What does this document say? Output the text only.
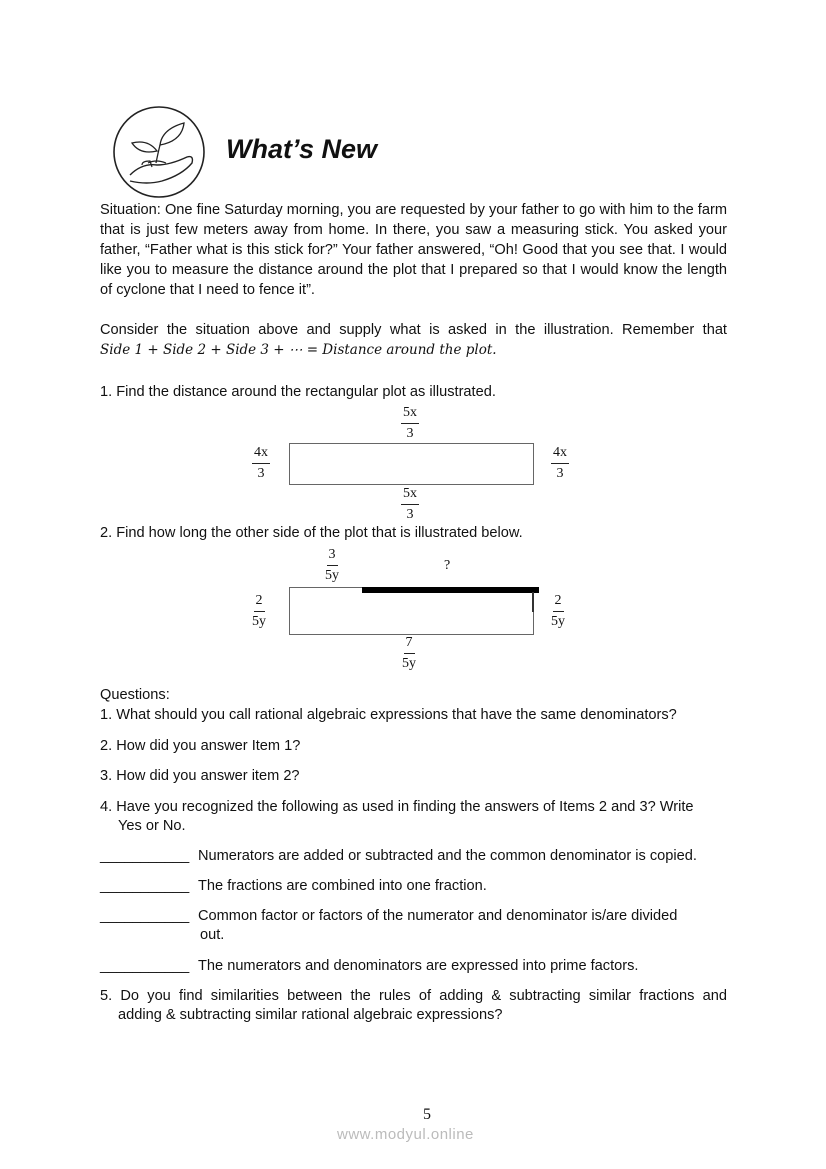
What’s New
Situation: One fine Saturday morning, you are requested by your father to go with him to the farm that is just few meters away from home. In there, you saw a measuring stick. You asked your father, “Father what is this stick for?” Your father answered, “Oh! Good that you see that. I would like you to measure the distance around the plot that I prepared so that I would know the length of cyclone that I need to fence it”.
Consider the situation above and supply what is asked in the illustration. Remember that
Side 1 + Side 2 + Side 3 + ⋯ = Distance around the plot.
1. Find the distance around the rectangular plot as illustrated.
$\frac{5x}{3}$
$\frac{4x}{3}$	$\frac{4x}{3}$
$\frac{5x}{3}$
2. Find how long the other side of the plot that is illustrated below.
$\frac{3}{5y}$	?
$\frac{2}{5y}$	$\frac{2}{5y}$
$\frac{7}{5y}$
Questions:
1. What should you call rational algebraic expressions that have the same denominators?
2. How did you answer Item 1?
3. How did you answer item 2?
4. Have you recognized the following as used in finding the answers of Items 2 and 3? Write
Yes or No.
___________ Numerators are added or subtracted and the common denominator is copied.
___________ The fractions are combined into one fraction.
___________ Common factor or factors of the numerator and denominator is/are divided
out.
___________ The numerators and denominators are expressed into prime factors.
5. Do you find similarities between the rules of adding & subtracting similar fractions and
adding & subtracting similar rational algebraic expressions?
5
www.modyul.online
